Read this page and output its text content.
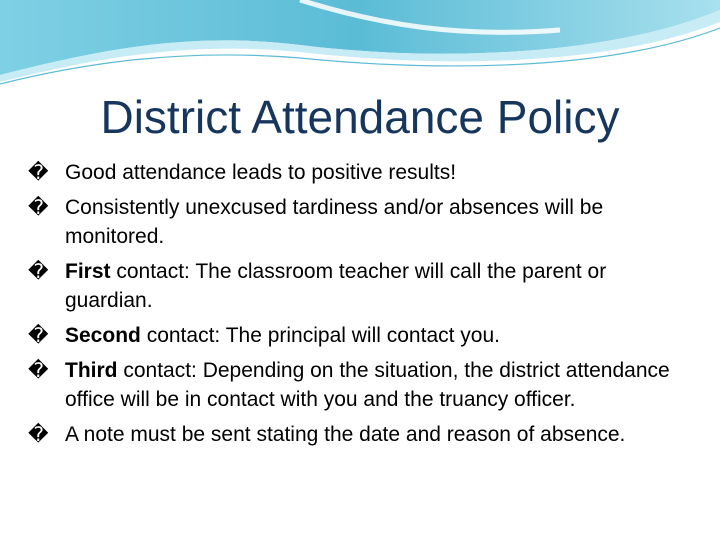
District Attendance Policy
� Good attendance leads to positive results!
� Consistently unexcused tardiness and/or absences will be monitored.
� First contact: The classroom teacher will call the parent or guardian.
� Second contact: The principal will contact you.
� Third contact: Depending on the situation, the district attendance office will be in contact with you and the truancy officer.
� A note must be sent stating the date and reason of absence.
